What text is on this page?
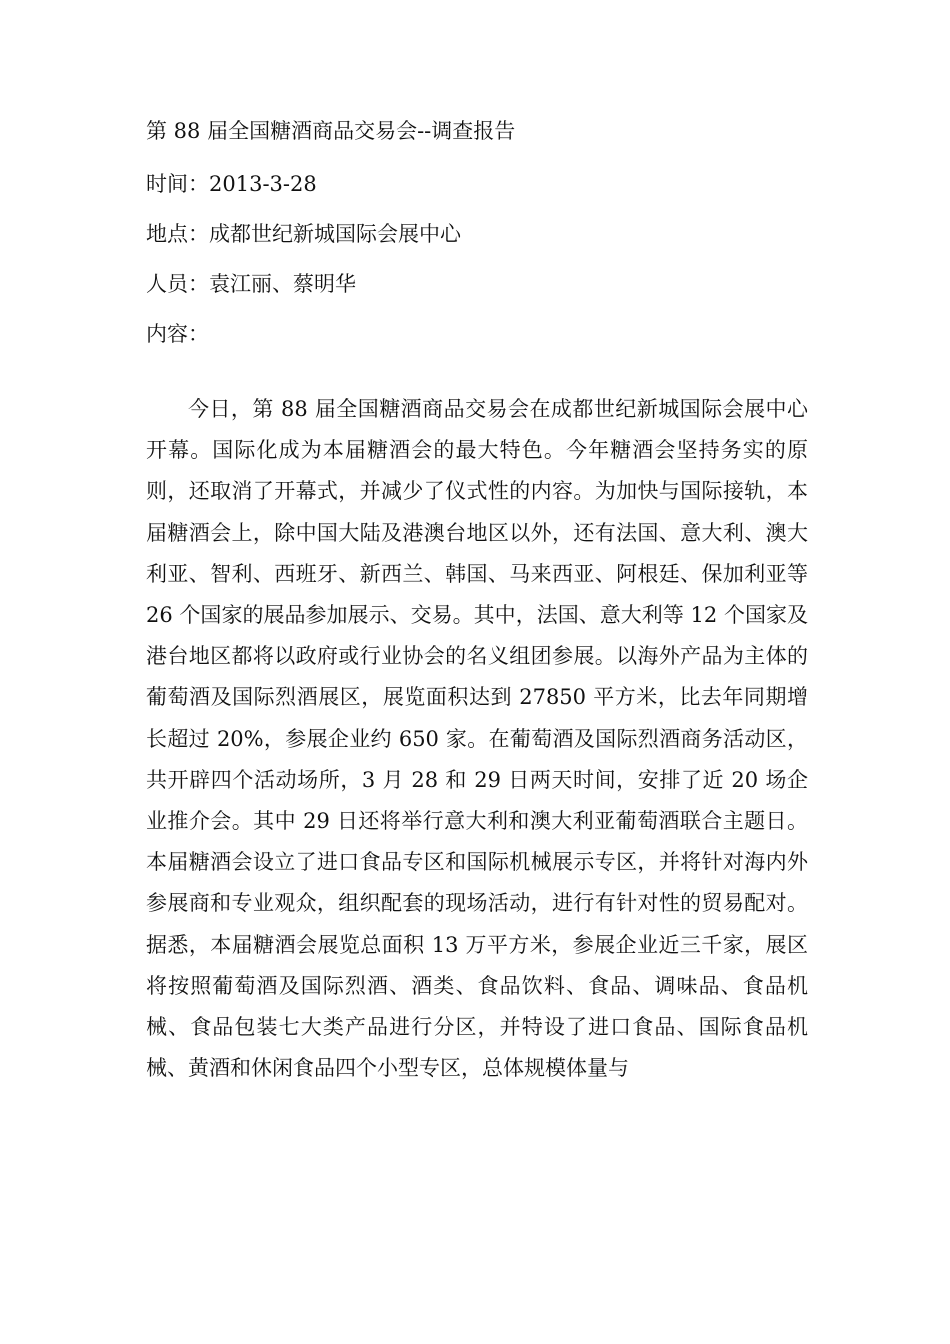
第 88 届全国糖酒商品交易会--调查报告
时间：2013-3-28
地点：成都世纪新城国际会展中心
人员：袁江丽、蔡明华
内容：

今日，第 88 届全国糖酒商品交易会在成都世纪新城国际会展中心开幕。国际化成为本届糖酒会的最大特色。今年糖酒会坚持务实的原则，还取消了开幕式，并减少了仪式性的内容。为加快与国际接轨，本届糖酒会上，除中国大陆及港澳台地区以外，还有法国、意大利、澳大利亚、智利、西班牙、新西兰、韩国、马来西亚、阿根廷、保加利亚等 26 个国家的展品参加展示、交易。其中，法国、意大利等 12 个国家及港台地区都将以政府或行业协会的名义组团参展。以海外产品为主体的葡萄酒及国际烈酒展区，展览面积达到 27850 平方米，比去年同期增长超过 20%，参展企业约 650 家。在葡萄酒及国际烈酒商务活动区，共开辟四个活动场所，3 月 28 和 29 日两天时间，安排了近 20 场企业推介会。其中 29 日还将举行意大利和澳大利亚葡萄酒联合主题日。本届糖酒会设立了进口食品专区和国际机械展示专区，并将针对海内外参展商和专业观众，组织配套的现场活动，进行有针对性的贸易配对。据悉，本届糖酒会展览总面积 13 万平方米，参展企业近三千家，展区将按照葡萄酒及国际烈酒、酒类、食品饮料、食品、调味品、食品机械、食品包装七大类产品进行分区，并特设了进口食品、国际食品机械、黄酒和休闲食品四个小型专区，总体规模体量与
